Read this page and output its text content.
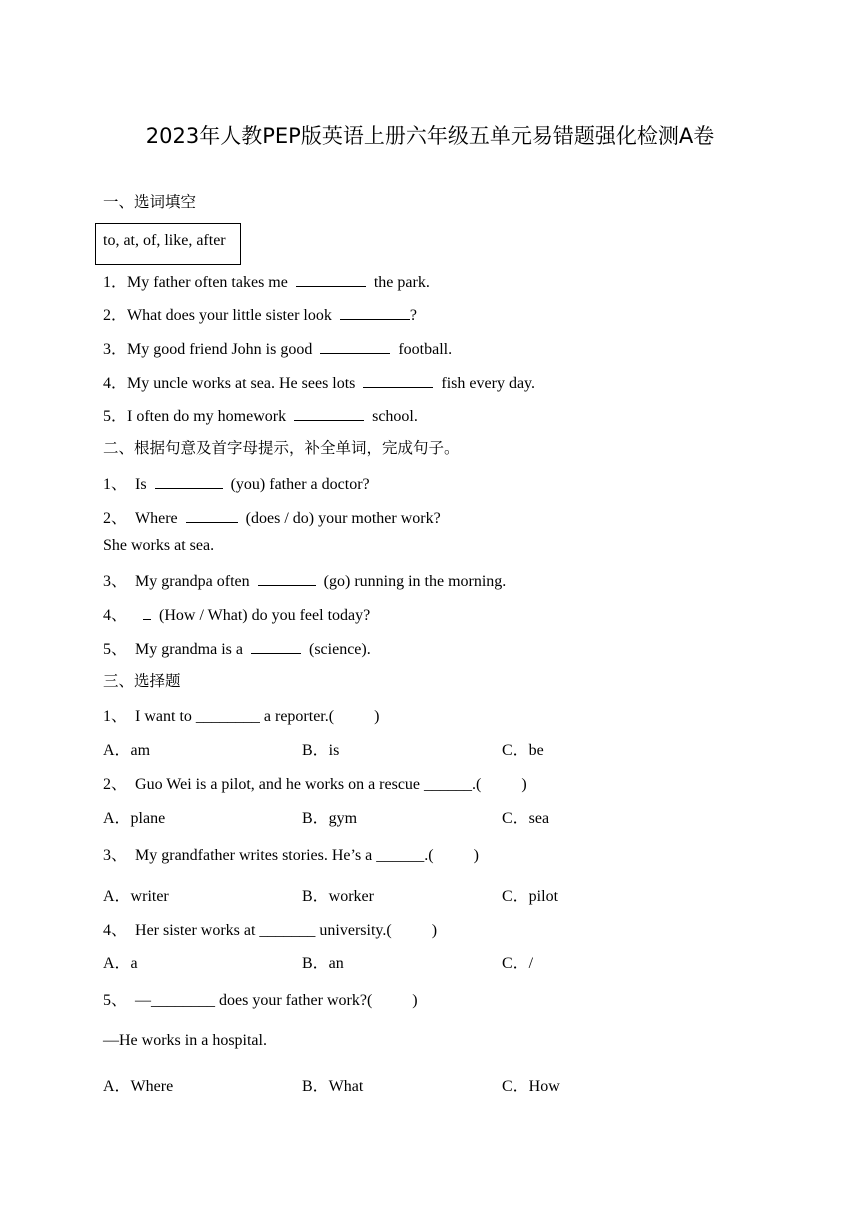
2023年人教PEP版英语上册六年级五单元易错题强化检测A卷
一、选词填空
to, at, of, like, after
1．My father often takes me	the park.
2．What does your little sister look	?
3．My good friend John is good	football.
4．My uncle works at sea. He sees lots	fish every day.
5．I often do my homework	school.
二、根据句意及首字母提示，补全单词，完成句子。
1、 Is	(you) father a doctor?
2、 Where	(does / do) your mother work?
She works at sea.
3、 My grandpa often	(go) running in the morning.
4、 (How / What) do you feel today?
5、 My grandma is a	(science).
三、选择题
1、 I want to ________ a reporter.(          )
A．am	B．is	C．be
2、 Guo Wei is a pilot, and he works on a rescue ______.(          )
A．plane	B．gym	C．sea
3、 My grandfather writes stories. He’s a ______.(          )
A．writer	B．worker	C．pilot
4、 Her sister works at _______ university.(          )
A．a	B．an	C．/
5、 —________ does your father work?(          )
—He works in a hospital.
A．Where	B．What	C．How
